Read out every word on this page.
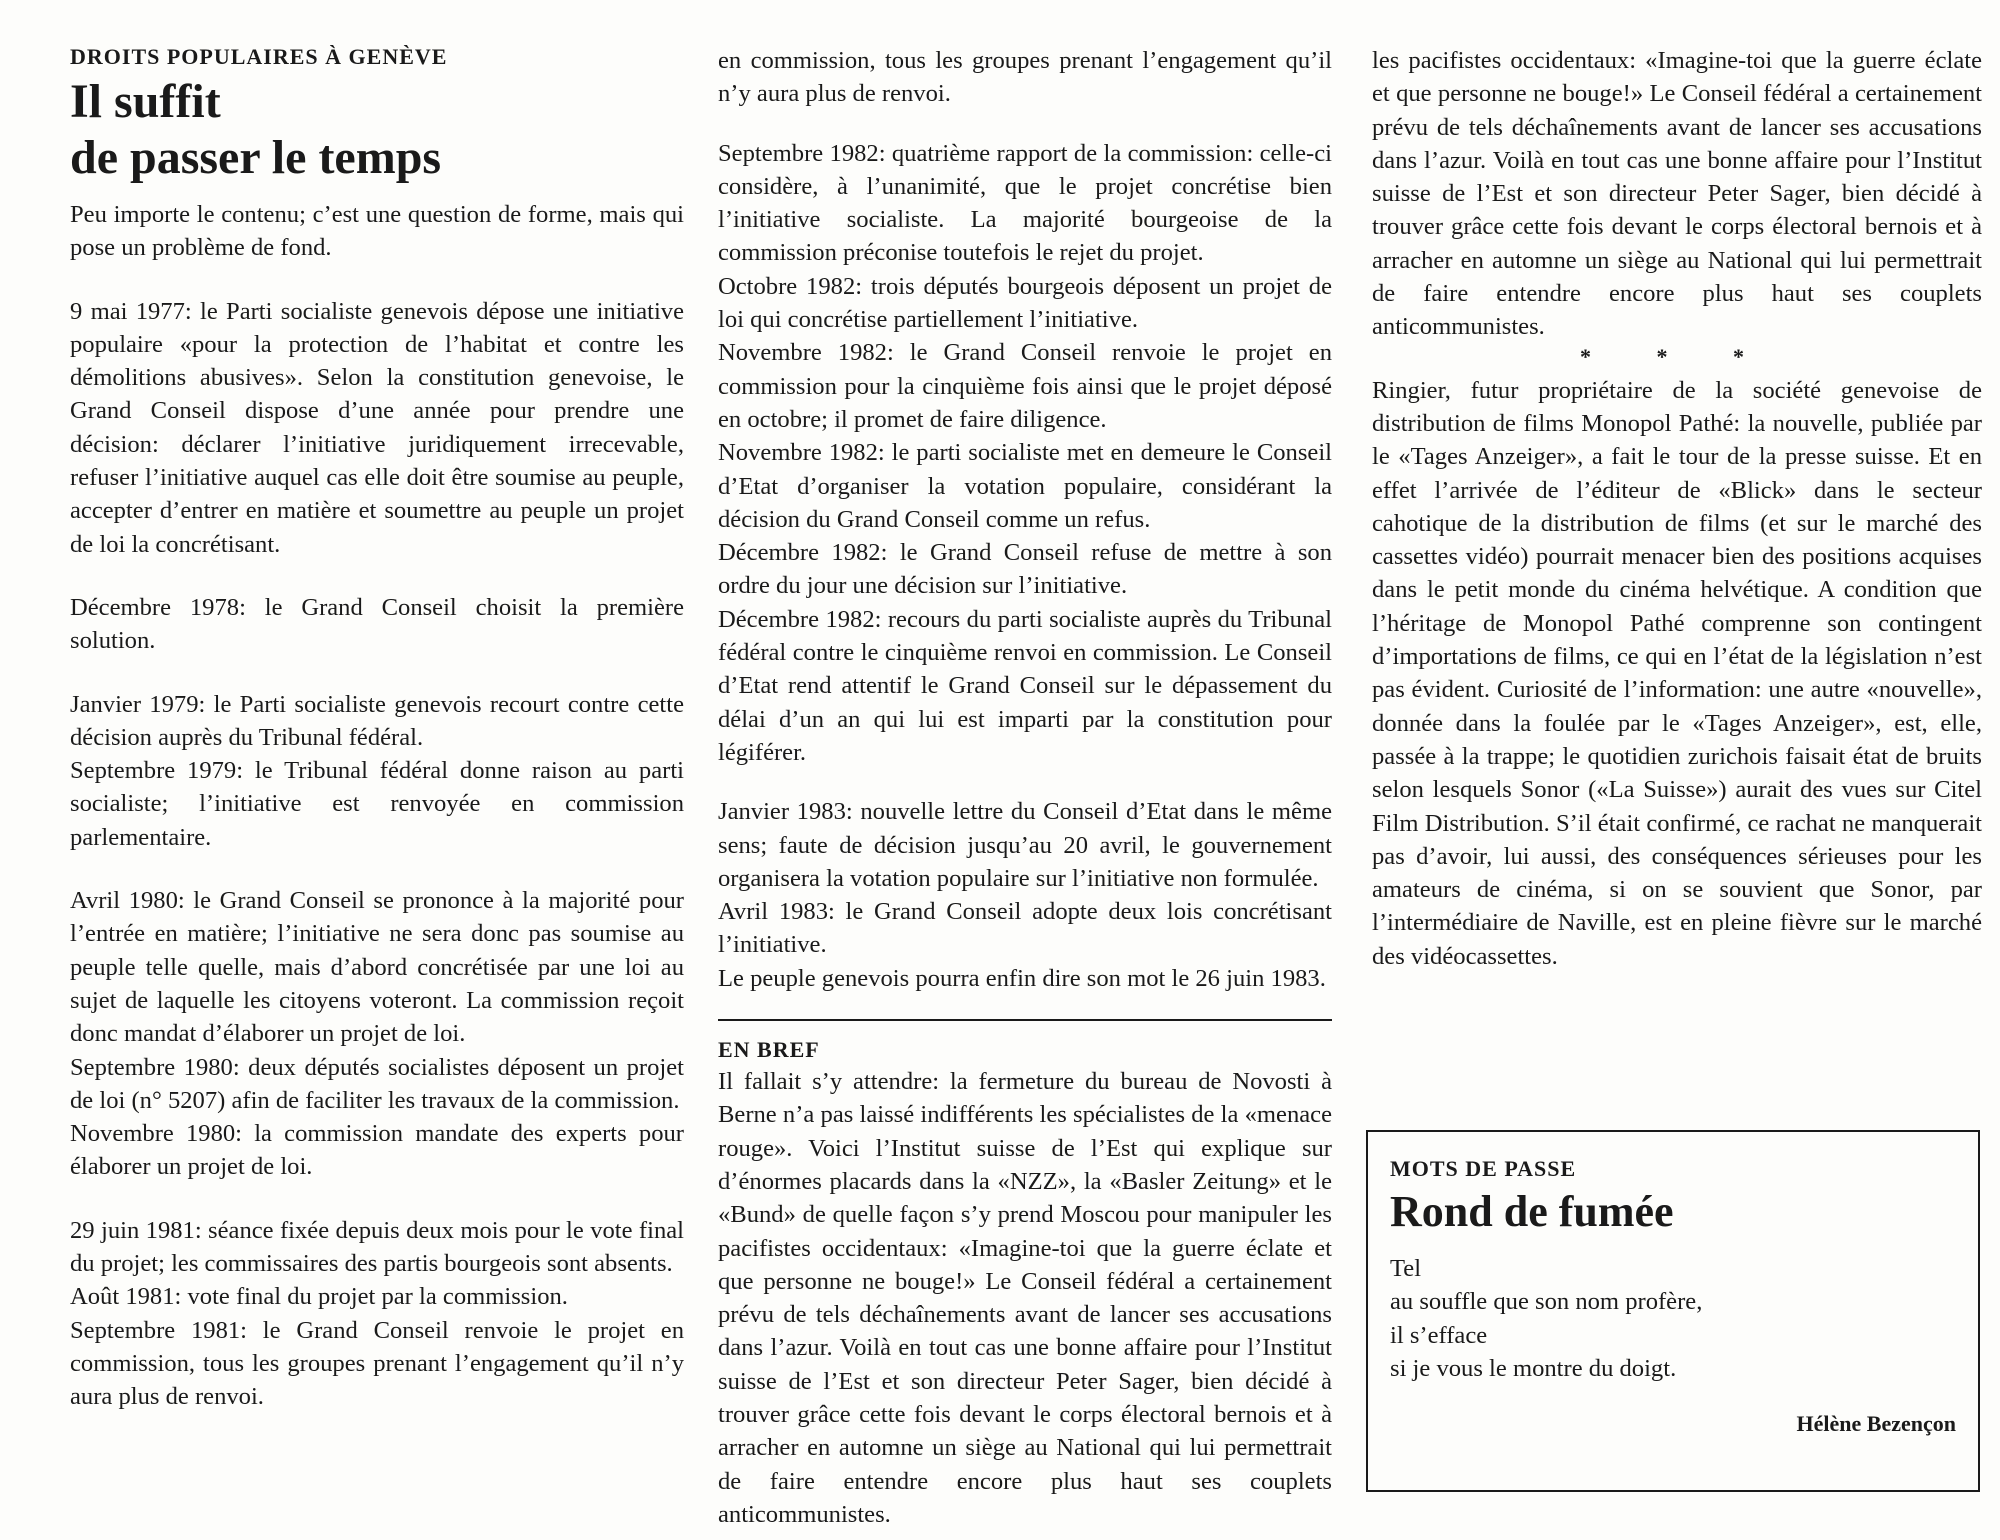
DROITS POPULAIRES À GENÈVE

Il suffit
de passer le temps

Peu importe le contenu; c’est une question de forme, mais qui pose un problème de fond.

9 mai 1977: le Parti socialiste genevois dépose une initiative populaire «pour la protection de l’habitat et contre les démolitions abusives». Selon la constitution genevoise, le Grand Conseil dispose d’une année pour prendre une décision: déclarer l’initiative juridiquement irrecevable, refuser l’initiative auquel cas elle doit être soumise au peuple, accepter d’entrer en matière et soumettre au peuple un projet de loi la concrétisant.

Décembre 1978: le Grand Conseil choisit la première solution.

Janvier 1979: le Parti socialiste genevois recourt contre cette décision auprès du Tribunal fédéral.

Septembre 1979: le Tribunal fédéral donne raison au parti socialiste; l’initiative est renvoyée en commission parlementaire.

Avril 1980: le Grand Conseil se prononce à la majorité pour l’entrée en matière; l’initiative ne sera donc pas soumise au peuple telle quelle, mais d’abord concrétisée par une loi au sujet de laquelle les citoyens voteront. La commission reçoit donc mandat d’élaborer un projet de loi.

Septembre 1980: deux députés socialistes déposent un projet de loi (n° 5207) afin de faciliter les travaux de la commission.

Novembre 1980: la commission mandate des experts pour élaborer un projet de loi.

29 juin 1981: séance fixée depuis deux mois pour le vote final du projet; les commissaires des partis bourgeois sont absents.

Août 1981: vote final du projet par la commission.

Septembre 1981: le Grand Conseil renvoie le projet en commission, tous les groupes prenant l’engagement qu’il n’y aura plus de renvoi.

en commission, tous les groupes prenant l’engagement qu’il n’y aura plus de renvoi.

Septembre 1982: quatrième rapport de la commission: celle-ci considère, à l’unanimité, que le projet concrétise bien l’initiative socialiste. La majorité bourgeoise de la commission préconise toutefois le rejet du projet.

Octobre 1982: trois députés bourgeois déposent un projet de loi qui concrétise partiellement l’initiative.

Novembre 1982: le Grand Conseil renvoie le projet en commission pour la cinquième fois ainsi que le projet déposé en octobre; il promet de faire diligence.

Novembre 1982: le parti socialiste met en demeure le Conseil d’Etat d’organiser la votation populaire, considérant la décision du Grand Conseil comme un refus.

Décembre 1982: le Grand Conseil refuse de mettre à son ordre du jour une décision sur l’initiative.

Décembre 1982: recours du parti socialiste auprès du Tribunal fédéral contre le cinquième renvoi en commission. Le Conseil d’Etat rend attentif le Grand Conseil sur le dépassement du délai d’un an qui lui est imparti par la constitution pour légiférer.

Janvier 1983: nouvelle lettre du Conseil d’Etat dans le même sens; faute de décision jusqu’au 20 avril, le gouvernement organisera la votation populaire sur l’initiative non formulée.

Avril 1983: le Grand Conseil adopte deux lois concrétisant l’initiative.

Le peuple genevois pourra enfin dire son mot le 26 juin 1983.

EN BREF

Il fallait s’y attendre: la fermeture du bureau de Novosti à Berne n’a pas laissé indifférents les spécialistes de la «menace rouge». Voici l’Institut suisse de l’Est qui explique sur d’énormes placards dans la «NZZ», la «Basler Zeitung» et le «Bund» de quelle façon s’y prend Moscou pour manipuler les pacifistes occidentaux: «Imagine-toi que la guerre éclate et que personne ne bouge!» Le Conseil fédéral a certainement prévu de tels déchaînements avant de lancer ses accusations dans l’azur. Voilà en tout cas une bonne affaire pour l’Institut suisse de l’Est et son directeur Peter Sager, bien décidé à trouver grâce cette fois devant le corps électoral bernois et à arracher en automne un siège au National qui lui permettrait de faire entendre encore plus haut ses couplets anticommunistes.

les pacifistes occidentaux: «Imagine-toi que la guerre éclate et que personne ne bouge!» Le Conseil fédéral a certainement prévu de tels déchaînements avant de lancer ses accusations dans l’azur. Voilà en tout cas une bonne affaire pour l’Institut suisse de l’Est et son directeur Peter Sager, bien décidé à trouver grâce cette fois devant le corps électoral bernois et à arracher en automne un siège au National qui lui permettrait de faire entendre encore plus haut ses couplets anticommunistes.

* * *

Ringier, futur propriétaire de la société genevoise de distribution de films Monopol Pathé: la nouvelle, publiée par le «Tages Anzeiger», a fait le tour de la presse suisse. Et en effet l’arrivée de l’éditeur de «Blick» dans le secteur cahotique de la distribution de films (et sur le marché des cassettes vidéo) pourrait menacer bien des positions acquises dans le petit monde du cinéma helvétique. A condition que l’héritage de Monopol Pathé comprenne son contingent d’importations de films, ce qui en l’état de la législation n’est pas évident. Curiosité de l’information: une autre «nouvelle», donnée dans la foulée par le «Tages Anzeiger», est, elle, passée à la trappe; le quotidien zurichois faisait état de bruits selon lesquels Sonor («La Suisse») aurait des vues sur Citel Film Distribution. S’il était confirmé, ce rachat ne manquerait pas d’avoir, lui aussi, des conséquences sérieuses pour les amateurs de cinéma, si on se souvient que Sonor, par l’intermédiaire de Naville, est en pleine fièvre sur le marché des vidéocassettes.

MOTS DE PASSE

Rond de fumée

Tel

au souffle que son nom profère,

il s’efface

si je vous le montre du doigt.

Hélène Bezençon
